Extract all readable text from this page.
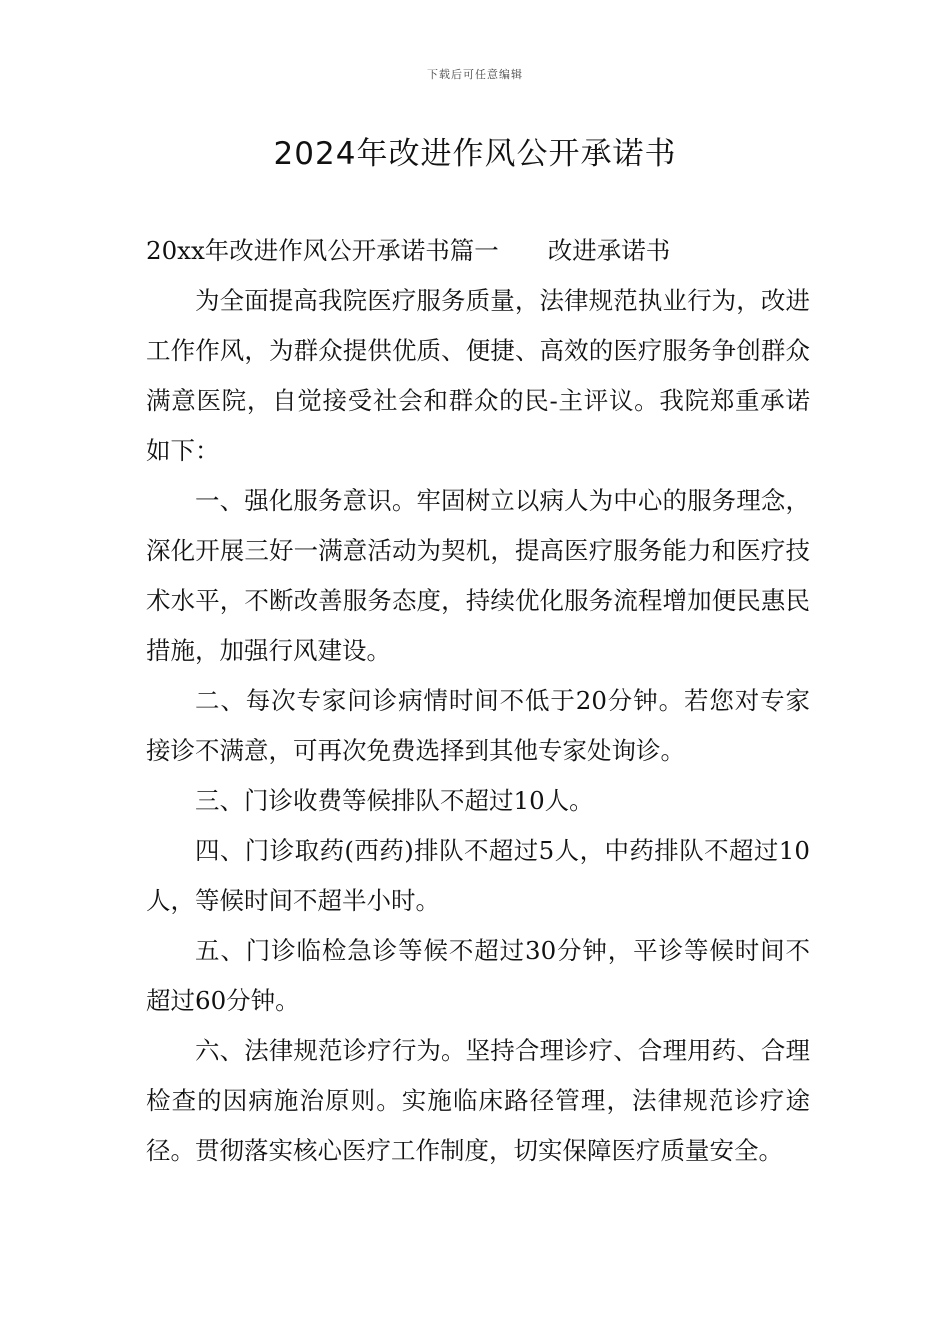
下载后可任意编辑
2024年改进作风公开承诺书

20xx年改进作风公开承诺书篇一　　改进承诺书

为全面提高我院医疗服务质量，法律规范执业行为，改进工作作风，为群众提供优质、便捷、高效的医疗服务争创群众满意医院，自觉接受社会和群众的民-主评议。我院郑重承诺如下：

一、强化服务意识。牢固树立以病人为中心的服务理念，深化开展三好一满意活动为契机，提高医疗服务能力和医疗技术水平，不断改善服务态度，持续优化服务流程增加便民惠民措施，加强行风建设。

二、每次专家问诊病情时间不低于20分钟。若您对专家接诊不满意，可再次免费选择到其他专家处询诊。

三、门诊收费等候排队不超过10人。

四、门诊取药(西药)排队不超过5人，中药排队不超过10人，等候时间不超半小时。

五、门诊临检急诊等候不超过30分钟，平诊等候时间不超过60分钟。

六、法律规范诊疗行为。坚持合理诊疗、合理用药、合理检查的因病施治原则。实施临床路径管理，法律规范诊疗途径。贯彻落实核心医疗工作制度，切实保障医疗质量安全。
